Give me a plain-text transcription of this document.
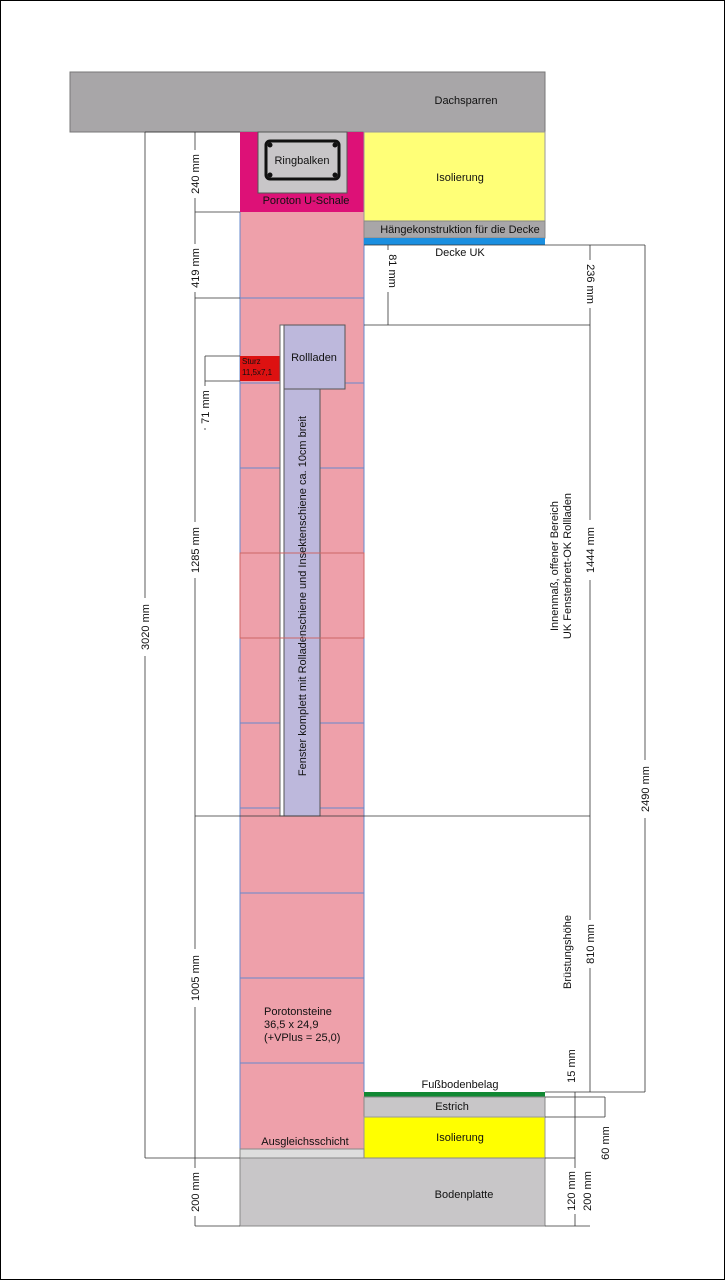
Dachsparren
Ringbalken
Poroton U-Schale
Isolierung
Hängekonstruktion für die Decke
Decke UK
Sturz
11,5x7,1
Rollladen
Fenster komplett mit Rolladenschiene und Insektenschiene ca. 10cm breit
Porotonsteine
36,5 x 24,9
(+VPlus = 25,0)
Fußbodenbelag
Estrich
Isolierung
Ausgleichsschicht
Bodenplatte
3020 mm
240 mm
419 mm
71 mm
1285 mm
1005 mm
200 mm
81 mm	236 mm
1444 mm
2490 mm
810 mm
15 mm
60 mm
120 mm 200 mm
Innenmaß, offener Bereich UK Fensterbrett-OK Rollladen
Brüstungshöhe
